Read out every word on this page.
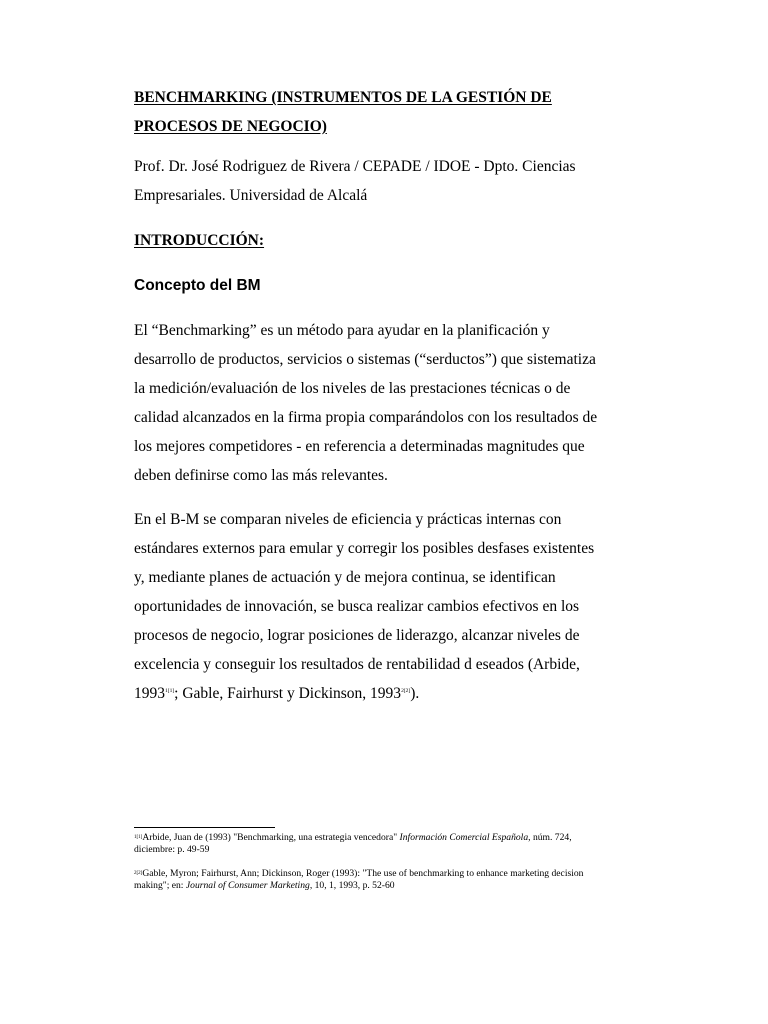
BENCHMARKING (INSTRUMENTOS DE LA GESTIÓN DE
PROCESOS DE NEGOCIO)
Prof. Dr. José Rodriguez de Rivera / CEPADE / IDOE - Dpto. Ciencias
Empresariales. Universidad de Alcalá
INTRODUCCIÓN:
Concepto del BM
El “Benchmarking” es un método para ayudar en la planificación y
desarrollo de productos, servicios o sistemas (“serductos”) que sistematiza
la medición/evaluación de los niveles de las prestaciones técnicas o de
calidad alcanzados en la firma propia comparándolos con los resultados de
los mejores competidores - en referencia a determinadas magnitudes que
deben definirse como las más relevantes.
En el B-M se comparan niveles de eficiencia y prácticas internas con
estándares externos para emular y corregir los posibles desfases existentes
y, mediante planes de actuación y de mejora continua, se identifican
oportunidades de innovación, se busca realizar cambios efectivos en los
procesos de negocio, lograr posiciones de liderazgo, alcanzar niveles de
excelencia y conseguir los resultados de rentabilidad d eseados (Arbide,
1993$^{1[1]}$; Gable, Fairhurst y Dickinson, 1993$^{2[2]}$).
$^{1[1]}$Arbide, Juan de (1993) "Benchmarking, una estrategia vencedora" Información Comercial Española, núm. 724,
diciembre: p. 49-59
$^{2[2]}$Gable, Myron; Fairhurst, Ann; Dickinson, Roger (1993): "The use of benchmarking to enhance marketing decision
making"; en: Journal of Consumer Marketing, 10, 1, 1993, p. 52-60
